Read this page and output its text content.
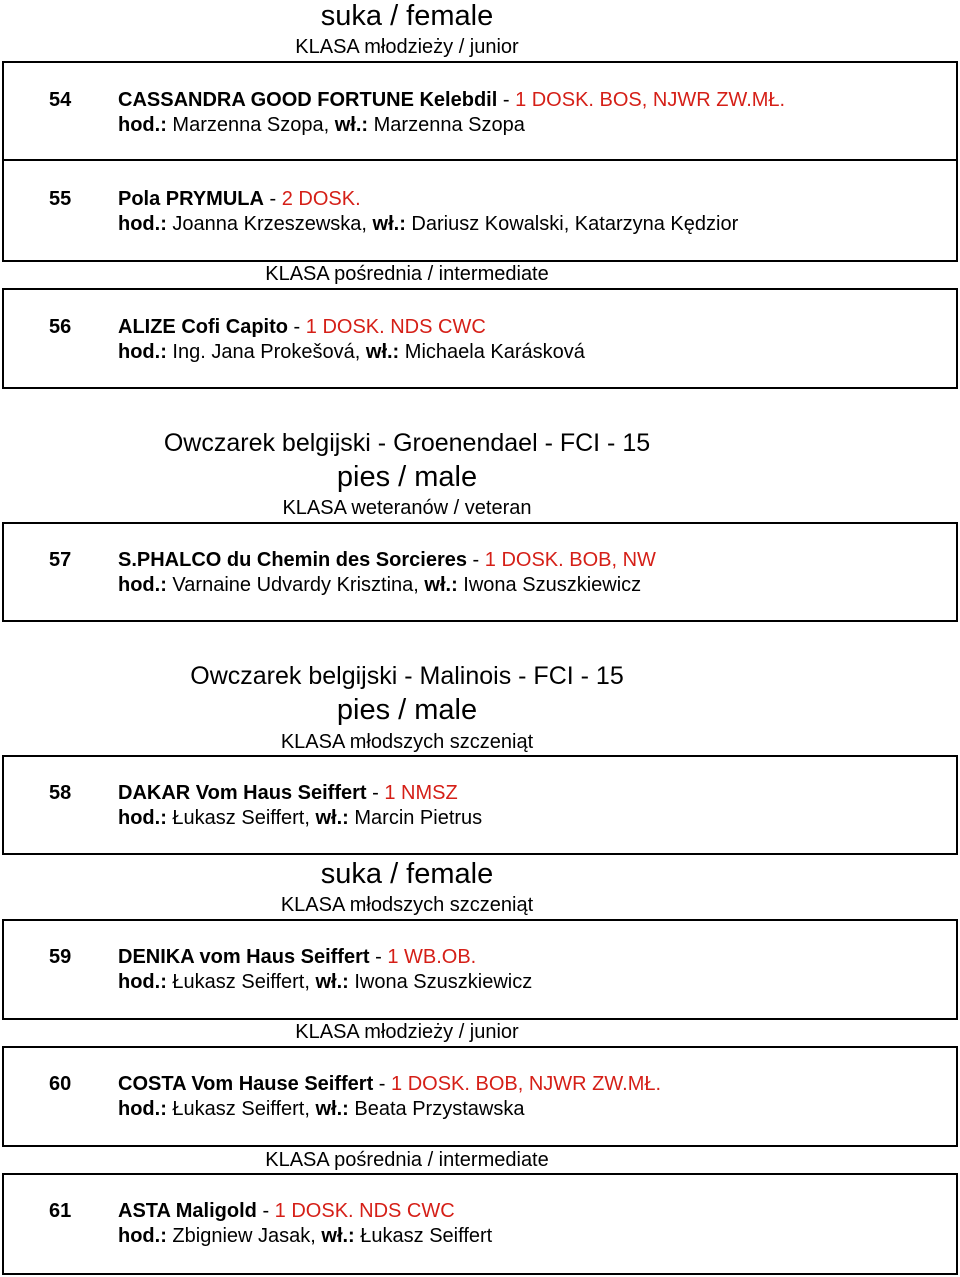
suka / female
KLASA młodzieży / junior
54 CASSANDRA GOOD FORTUNE Kelebdil - 1 DOSK. BOS, NJWR ZW.MŁ.
hod.: Marzenna Szopa, wł.: Marzenna Szopa
55 Pola PRYMULA - 2 DOSK.
hod.: Joanna Krzeszewska, wł.: Dariusz Kowalski, Katarzyna Kędzior
KLASA pośrednia / intermediate
56 ALIZE Cofi Capito - 1 DOSK. NDS CWC
hod.: Ing. Jana Prokešová, wł.: Michaela Karásková
Owczarek belgijski - Groenendael - FCI - 15
pies / male
KLASA weteranów / veteran
57 S.PHALCO du Chemin des Sorcieres - 1 DOSK. BOB, NW
hod.: Varnaine Udvardy Krisztina, wł.: Iwona Szuszkiewicz
Owczarek belgijski - Malinois - FCI - 15
pies / male
KLASA młodszych szczeniąt
58 DAKAR Vom Haus Seiffert - 1 NMSZ
hod.: Łukasz Seiffert, wł.: Marcin Pietrus
suka / female
KLASA młodszych szczeniąt
59 DENIKA vom Haus Seiffert - 1 WB.OB.
hod.: Łukasz Seiffert, wł.: Iwona Szuszkiewicz
KLASA młodzieży / junior
60 COSTA Vom Hause Seiffert - 1 DOSK. BOB, NJWR ZW.MŁ.
hod.: Łukasz Seiffert, wł.: Beata Przystawska
KLASA pośrednia / intermediate
61 ASTA Maligold - 1 DOSK. NDS CWC
hod.: Zbigniew Jasak, wł.: Łukasz Seiffert
